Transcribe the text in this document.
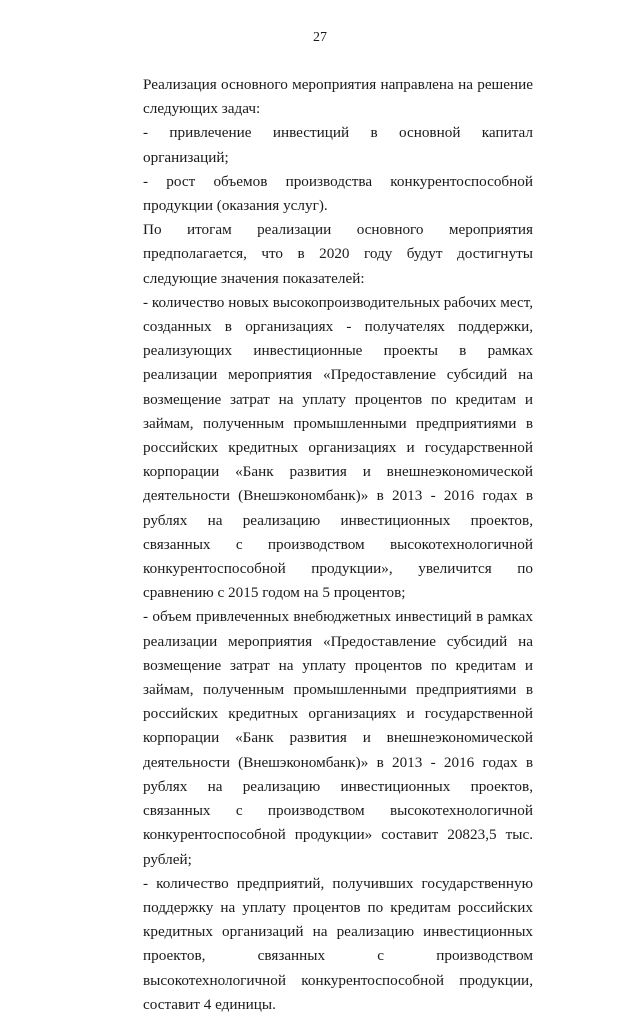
27

Реализация основного мероприятия направлена на решение следующих задач:

- привлечение инвестиций в основной капитал организаций;

- рост объемов производства конкурентоспособной продукции (оказания услуг).

По итогам реализации основного мероприятия предполагается, что в 2020 году будут достигнуты следующие значения показателей:

- количество новых высокопроизводительных рабочих мест, созданных в организациях - получателях поддержки, реализующих инвестиционные проекты в рамках реализации мероприятия «Предоставление субсидий на возмещение затрат на уплату процентов по кредитам и займам, полученным промышленными предприятиями в российских кредитных организациях и государственной корпорации «Банк развития и внешнеэкономической деятельности (Внешэкономбанк)» в 2013 - 2016 годах в рублях на реализацию инвестиционных проектов, связанных с производством высокотехнологичной конкурентоспособной продукции», увеличится по сравнению с 2015 годом на 5 процентов;

- объем привлеченных внебюджетных инвестиций в рамках реализации мероприятия «Предоставление субсидий на возмещение затрат на уплату процентов по кредитам и займам, полученным промышленными предприятиями в российских кредитных организациях и государственной корпорации «Банк развития и внешнеэкономической деятельности (Внешэкономбанк)» в 2013 - 2016 годах в рублях на реализацию инвестиционных проектов, связанных с производством высокотехнологичной конкурентоспособной продукции» составит 20823,5 тыс. рублей;

- количество предприятий, получивших государственную поддержку на уплату процентов по кредитам российских кредитных организаций на реализацию инвестиционных проектов, связанных с производством высокотехнологичной конкурентоспособной продукции, составит 4 единицы.
